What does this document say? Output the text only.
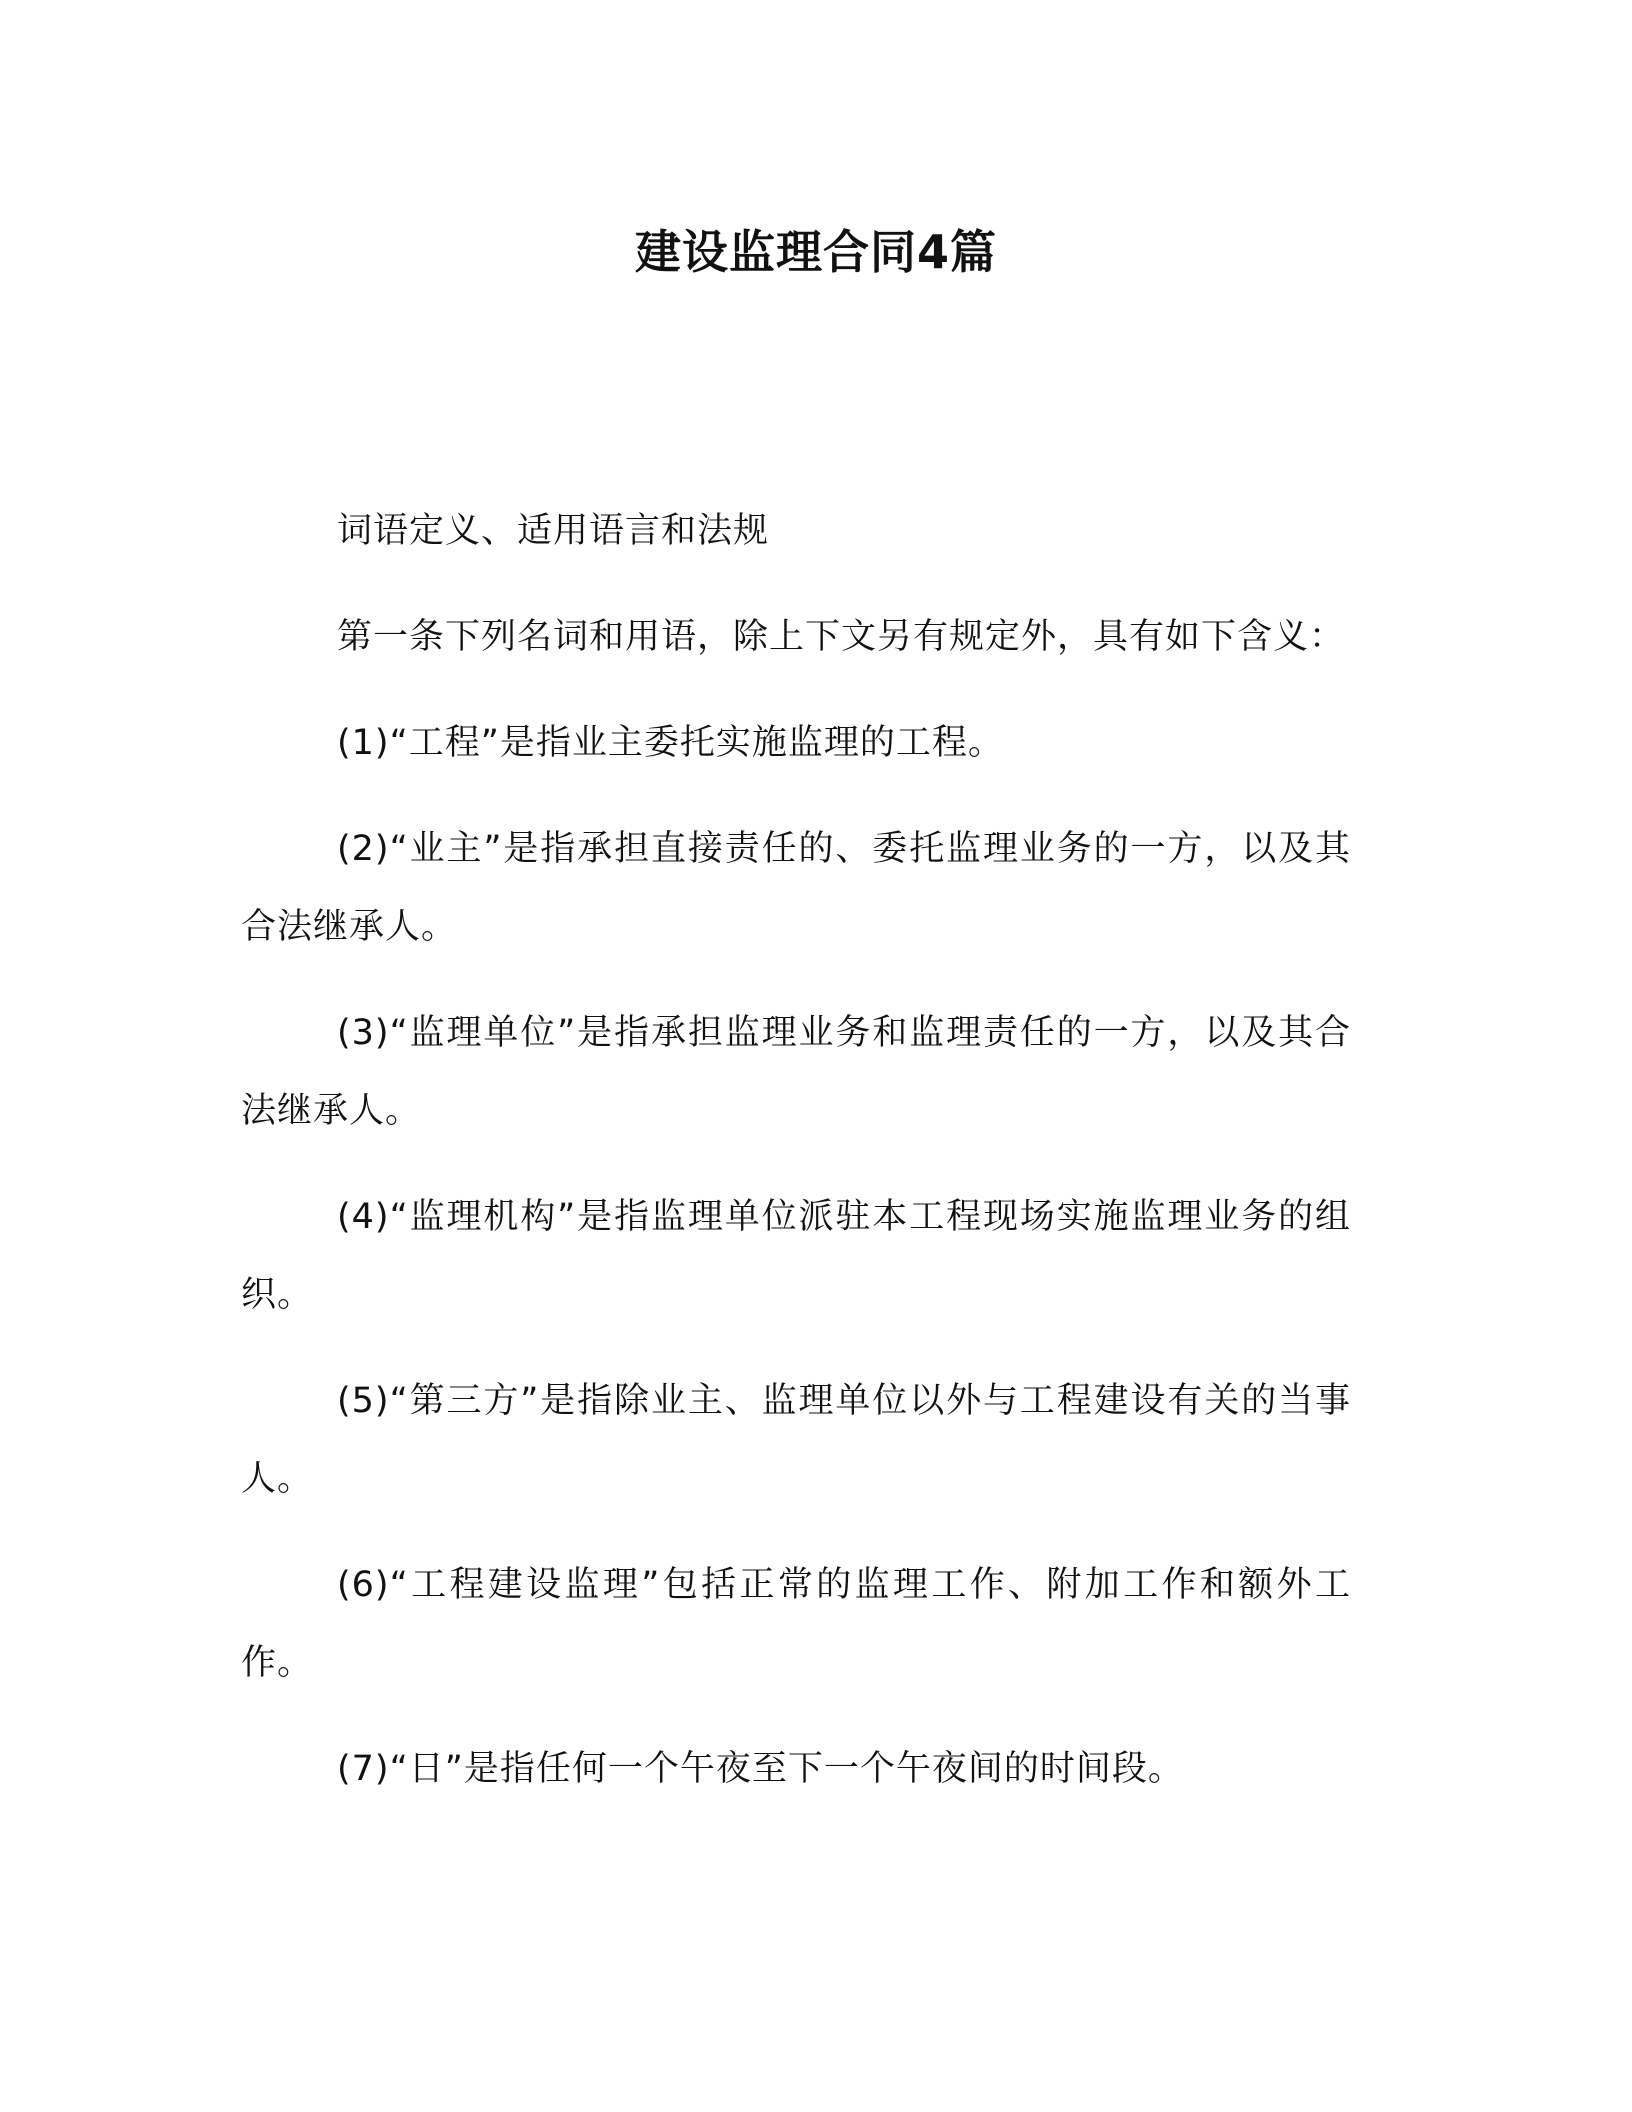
建设监理合同4篇

词语定义、适用语言和法规

第一条下列名词和用语，除上下文另有规定外，具有如下含义：

(1)“工程”是指业主委托实施监理的工程。

(2)“业主”是指承担直接责任的、委托监理业务的一方，以及其合法继承人。

(3)“监理单位”是指承担监理业务和监理责任的一方，以及其合法继承人。

(4)“监理机构”是指监理单位派驻本工程现场实施监理业务的组织。

(5)“第三方”是指除业主、监理单位以外与工程建设有关的当事人。

(6)“工程建设监理”包括正常的监理工作、附加工作和额外工作。

(7)“日”是指任何一个午夜至下一个午夜间的时间段。
